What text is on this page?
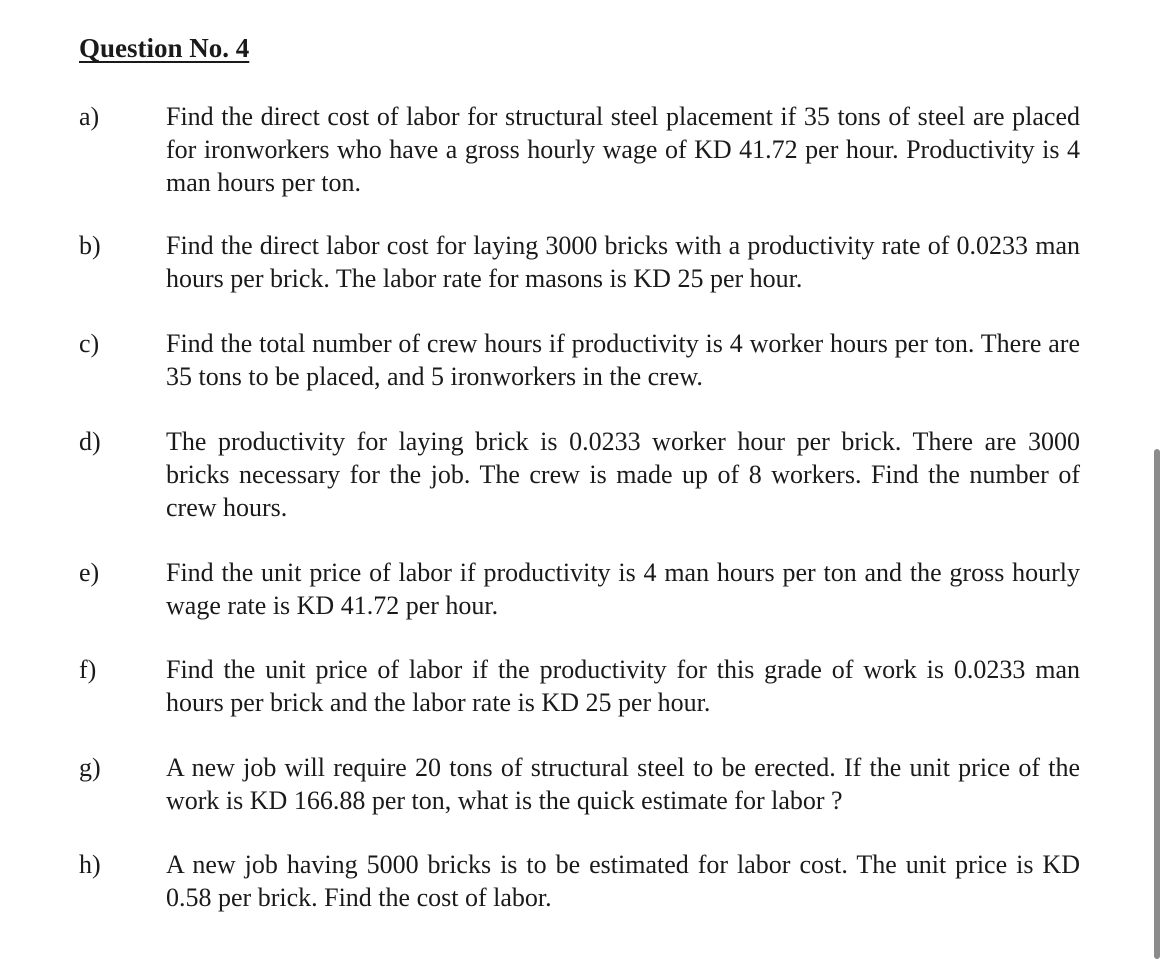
Question No. 4
a)	Find the direct cost of labor for structural steel placement if 35 tons of steel are placed for ironworkers who have a gross hourly wage of KD 41.72 per hour. Productivity is 4 man hours per ton.
b)	Find the direct labor cost for laying 3000 bricks with a productivity rate of 0.0233 man hours per brick. The labor rate for masons is KD 25 per hour.
c)	Find the total number of crew hours if productivity is 4 worker hours per ton. There are 35 tons to be placed, and 5 ironworkers in the crew.
d)	The productivity for laying brick is 0.0233 worker hour per brick. There are 3000 bricks necessary for the job. The crew is made up of 8 workers. Find the number of crew hours.
e)	Find the unit price of labor if productivity is 4 man hours per ton and the gross hourly wage rate is KD 41.72 per hour.
f)	Find the unit price of labor if the productivity for this grade of work is 0.0233 man hours per brick and the labor rate is KD 25 per hour.
g)	A new job will require 20 tons of structural steel to be erected. If the unit price of the work is KD 166.88 per ton, what is the quick estimate for labor ?
h)	A new job having 5000 bricks is to be estimated for labor cost. The unit price is KD 0.58 per brick. Find the cost of labor.
